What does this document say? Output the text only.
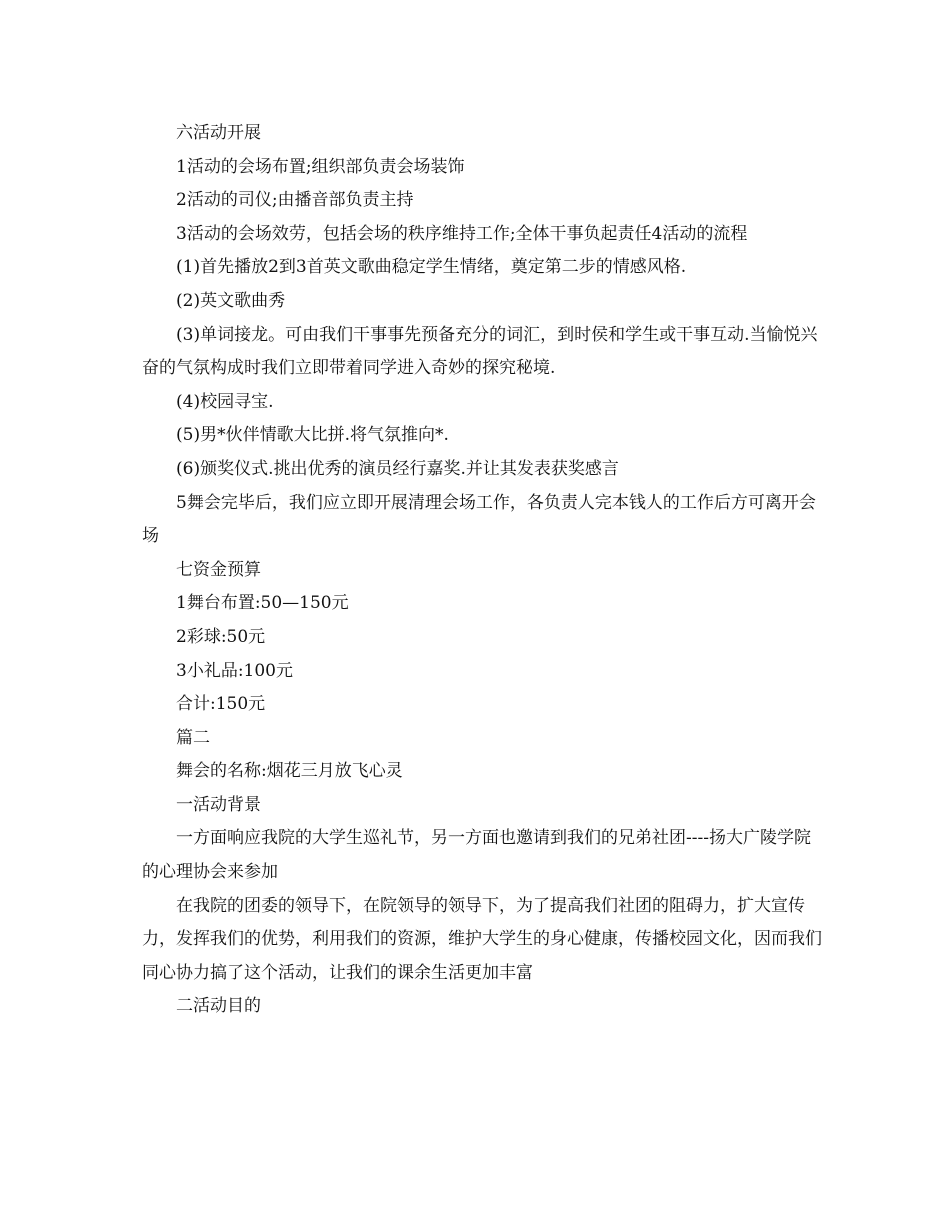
六活动开展

1活动的会场布置;组织部负责会场装饰

2活动的司仪;由播音部负责主持

3活动的会场效劳，包括会场的秩序维持工作;全体干事负起责任4活动的流程

(1)首先播放2到3首英文歌曲稳定学生情绪，奠定第二步的情感风格.

(2)英文歌曲秀

(3)单词接龙。可由我们干事事先预备充分的词汇，到时侯和学生或干事互动.当愉悦兴奋的气氛构成时我们立即带着同学进入奇妙的探究秘境.

(4)校园寻宝.

(5)男*伙伴情歌大比拼.将气氛推向*.

(6)颁奖仪式.挑出优秀的演员经行嘉奖.并让其发表获奖感言

5舞会完毕后，我们应立即开展清理会场工作，各负责人完本钱人的工作后方可离开会场

七资金预算

1舞台布置:50—150元

2彩球:50元

3小礼品:100元

合计:150元

篇二

舞会的名称:烟花三月放飞心灵

一活动背景

一方面响应我院的大学生巡礼节，另一方面也邀请到我们的兄弟社团----扬大广陵学院的心理协会来参加

在我院的团委的领导下，在院领导的领导下，为了提高我们社团的阻碍力，扩大宣传力，发挥我们的优势，利用我们的资源，维护大学生的身心健康，传播校园文化，因而我们同心协力搞了这个活动，让我们的课余生活更加丰富

二活动目的
